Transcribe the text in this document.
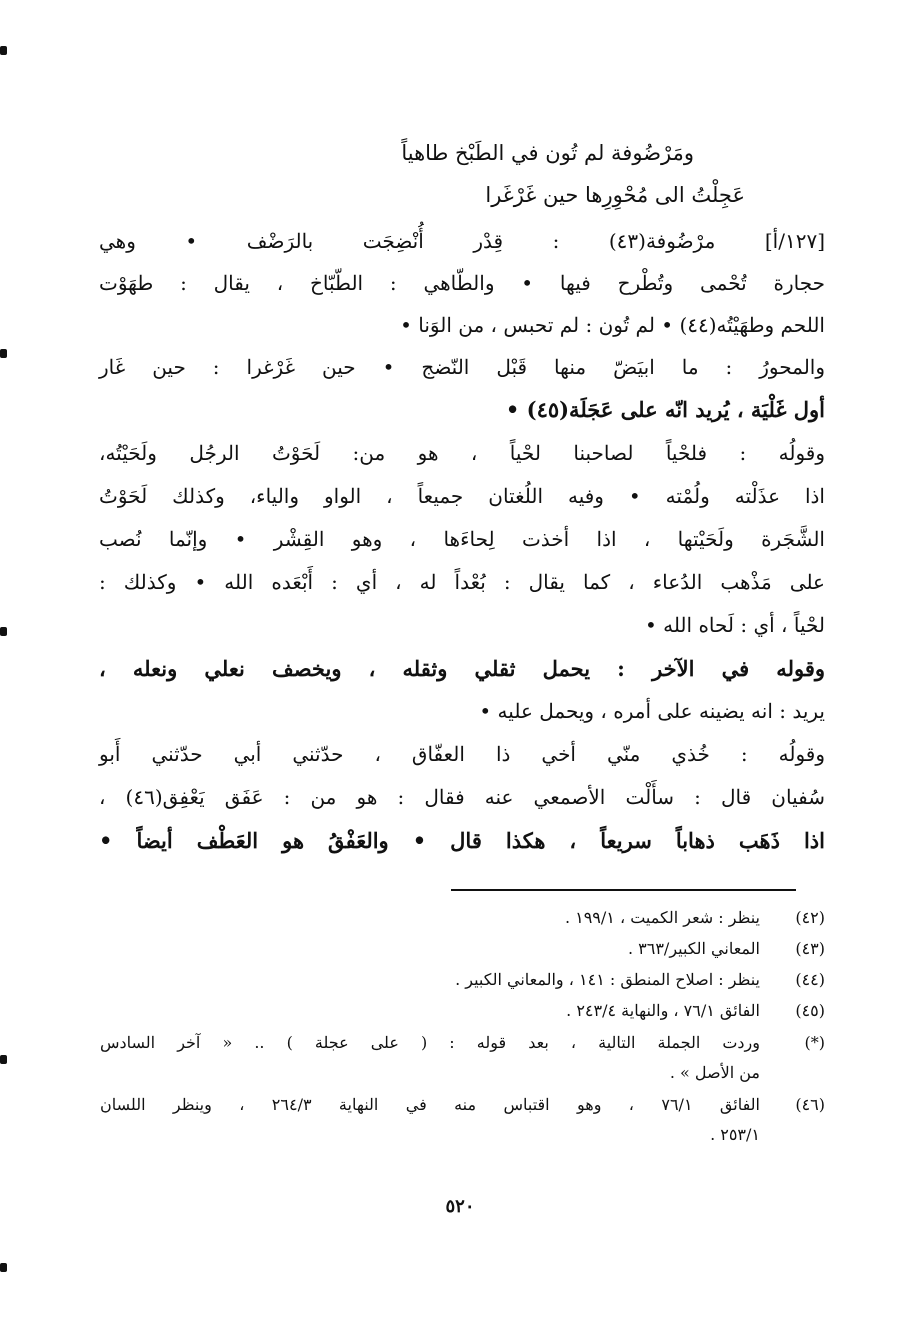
ومَرْضُوفة لم تُون في الطَبْخ طاهياً
عَجِلْتُ الى مُحْوِرِها حين غَرْغَرا
[١٢٧/أ] مرْضُوفة(٤٣) : قِدْر أُنْضِجَت بالرَضْف • وهي
حجارة تُحْمى وتُطْرح فيها • والطّاهي : الطّبّاخ ، يقال : طهَوْت
اللحم وطهَيْتُه(٤٤) • لم تُون : لم تحبس ، من الوَنا •
والمحورُ : ما ابيَضّ منها قَبْل النّضج • حين غَرْغرا : حين غَار
أول غَلْيَة ، يُريد انّه على عَجَلَة(٤٥) •
وقولُه : فلحْياً لصاحبنا لحْياً ، هو من: لَحَوْتُ الرجُل ولَحَيْتُه،
اذا عذَلْته ولُمْته • وفيه اللُغتان جميعاً ، الواو والياء، وكذلك لَحَوْتُ
الشَّجَرة ولَحَيْتها ، اذا أخذت لِحاءَها ، وهو القِشْر • وإنّما نُصب
على مَذْهب الدُعاء ، كما يقال : بُعْداً له ، أي : أَبْعَده الله • وكذلك :
لحْياً ، أي : لَحاه الله •
وقوله في الآخر : يحمل ثقلي وثقله ، ويخصف نعلي ونعله ،
يريد : انه يضينه على أمره ، ويحمل عليه •
وقولُه : خُذي منّي أخي ذا العفّاق ، حدّثني أبي حدّثني أَبو
سُفيان قال : سأَلْت الأصمعي عنه فقال : هو من : عَفَق يَعْفِق(٤٦) ،
اذا ذَهَب ذهاباً سريعاً ، هكذا قال • والعَفْقُ هو العَطْف أيضاً •
(٤٢)
ينظر : شعر الكميت ، ١٩٩/١ .
(٤٣)
المعاني الكبير/٣٦٣ .
(٤٤)
ينظر : اصلاح المنطق : ١٤١ ، والمعاني الكبير .
(٤٥)
الفائق ٧٦/١ ، والنهاية ٢٤٣/٤ .
(*)
وردت الجملة التالية ، بعد قوله : ( على عجلة ) .. « آخر السادس
من الأصل » .
(٤٦)
الفائق ٧٦/١ ، وهو اقتباس منه في النهاية ٢٦٤/٣ ، وينظر اللسان
٢٥٣/١ .
٥٢٠
